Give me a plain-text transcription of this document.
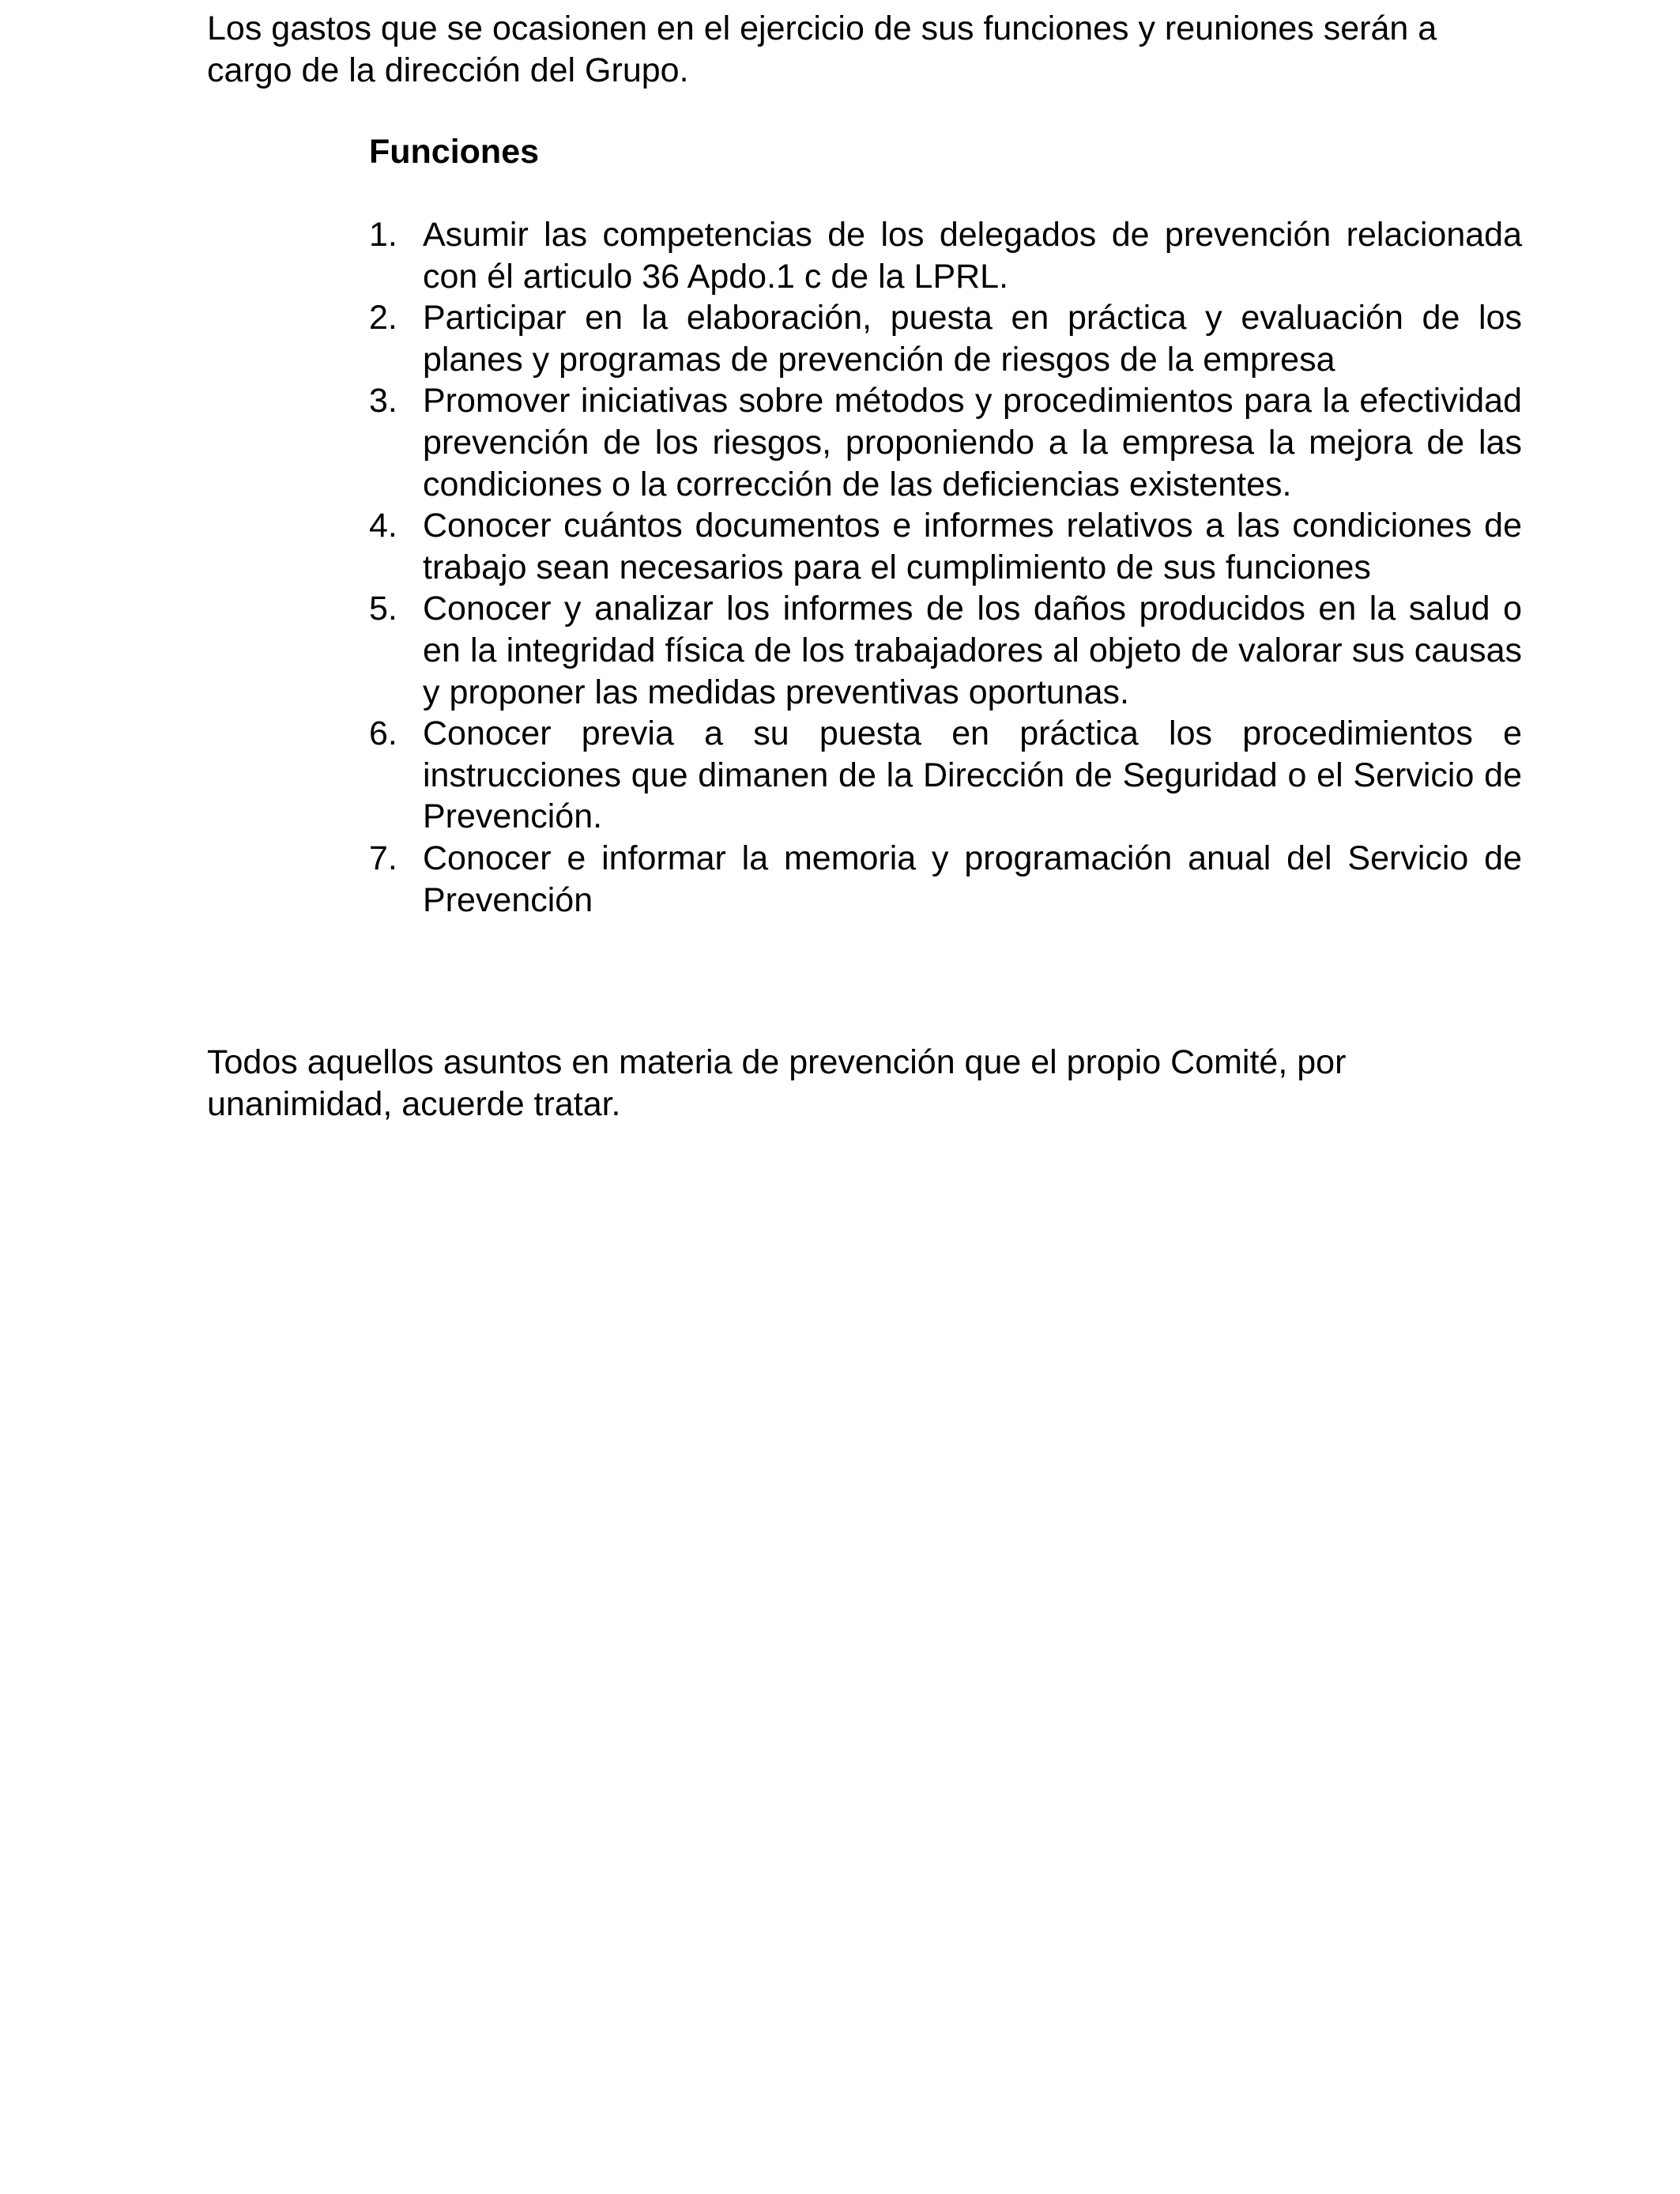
Los gastos que se ocasionen en el ejercicio de sus funciones y reuniones serán a cargo de la dirección del Grupo.

Funciones
1. Asumir las competencias de los delegados de prevención relacionada con él articulo 36 Apdo.1 c de la LPRL.
2. Participar en la elaboración, puesta en práctica y evaluación de los planes y programas de prevención de riesgos de la empresa
3. Promover iniciativas sobre métodos y procedimientos para la efectividad prevención de los riesgos, proponiendo a la empresa la mejora de las condiciones o la corrección de las deficiencias existentes.
4. Conocer cuántos documentos e informes relativos a las condiciones de trabajo sean necesarios para el cumplimiento de sus funciones
5. Conocer y analizar los informes de los daños producidos en la salud o en la integridad física de los trabajadores al objeto de valorar sus causas y proponer las medidas preventivas oportunas.
6. Conocer previa a su puesta en práctica los procedimientos e instrucciones que dimanen de la Dirección de Seguridad o el Servicio de Prevención.
7. Conocer e informar la memoria y programación anual del Servicio de Prevención

Todos aquellos asuntos en materia de prevención que el propio Comité, por unanimidad, acuerde tratar.
